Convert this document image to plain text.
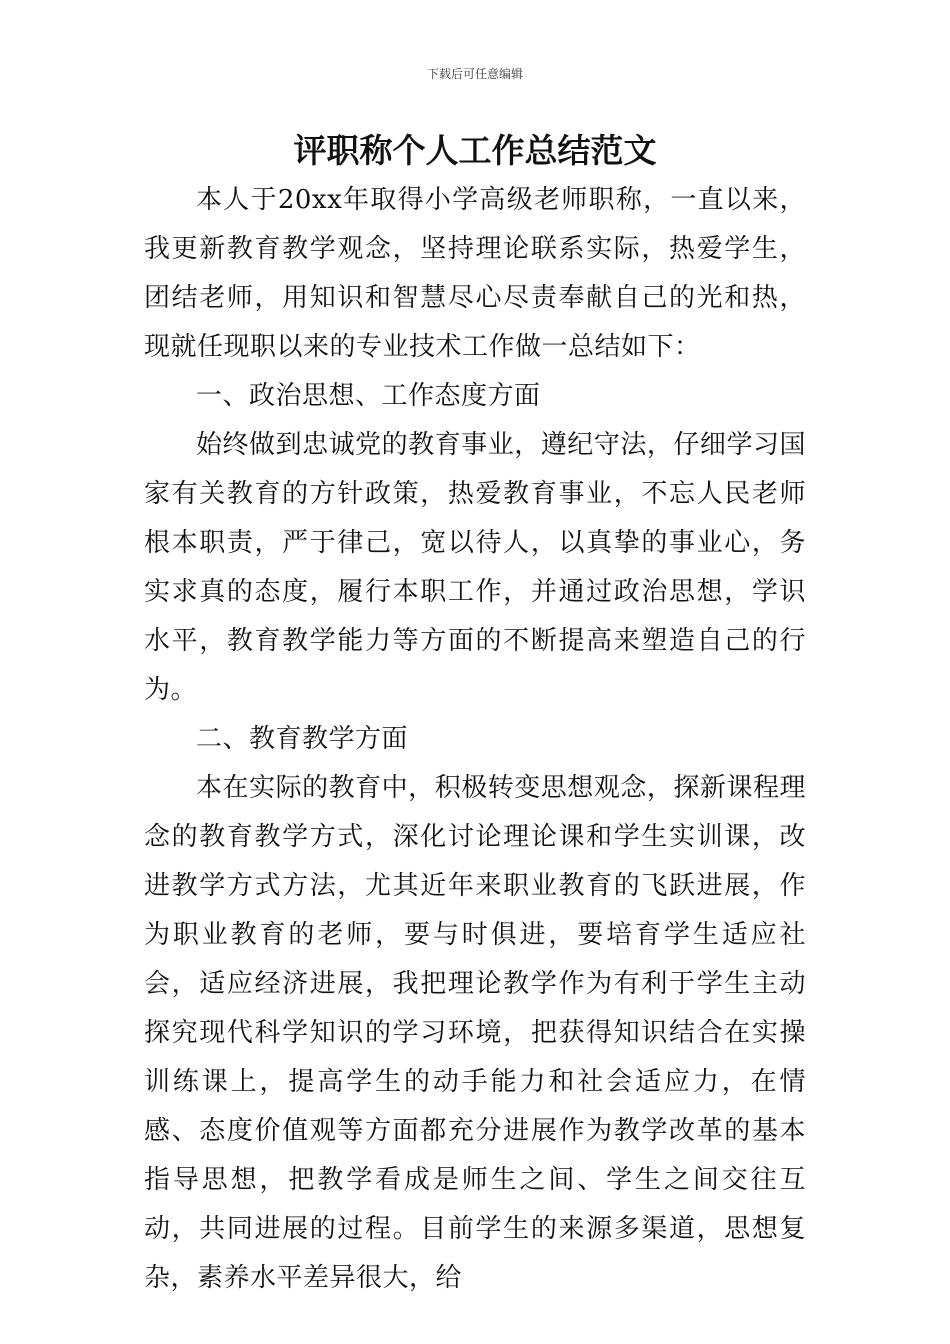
下载后可任意编辑
评职称个人工作总结范文

本人于20xx年取得小学高级老师职称，一直以来，我更新教育教学观念，坚持理论联系实际，热爱学生，团结老师，用知识和智慧尽心尽责奉献自己的光和热，现就任现职以来的专业技术工作做一总结如下：

一、政治思想、工作态度方面

始终做到忠诚党的教育事业，遵纪守法，仔细学习国家有关教育的方针政策，热爱教育事业，不忘人民老师根本职责，严于律己，宽以待人，以真挚的事业心，务实求真的态度，履行本职工作，并通过政治思想，学识水平，教育教学能力等方面的不断提高来塑造自己的行为。

二、教育教学方面

本在实际的教育中，积极转变思想观念，探新课程理念的教育教学方式，深化讨论理论课和学生实训课，改进教学方式方法，尤其近年来职业教育的飞跃进展，作为职业教育的老师，要与时俱进，要培育学生适应社会，适应经济进展，我把理论教学作为有利于学生主动探究现代科学知识的学习环境，把获得知识结合在实操训练课上，提高学生的动手能力和社会适应力，在情感、态度价值观等方面都充分进展作为教学改革的基本指导思想，把教学看成是师生之间、学生之间交往互动，共同进展的过程。目前学生的来源多渠道，思想复杂，素养水平差异很大，给
